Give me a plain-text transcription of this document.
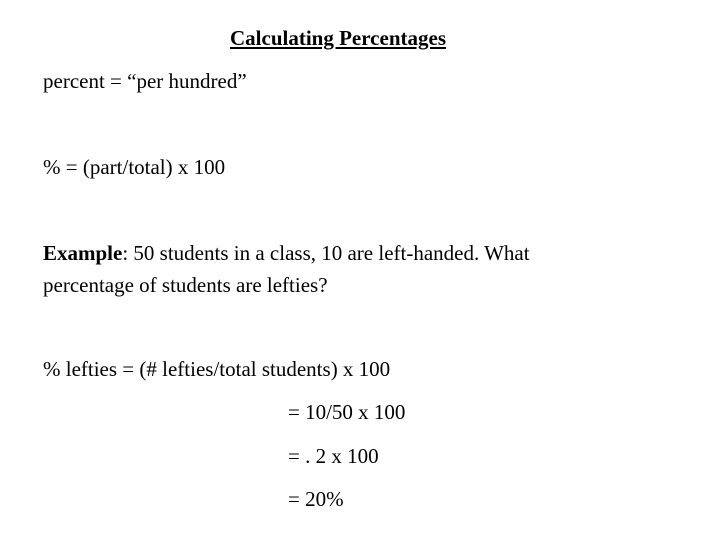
Calculating Percentages
percent = “per hundred”
% = (part/total) x 100
Example: 50 students in a class, 10 are left-handed. What
percentage of students are lefties?
% lefties = (# lefties/total students) x 100
= 10/50 x 100
= . 2 x 100
= 20%
